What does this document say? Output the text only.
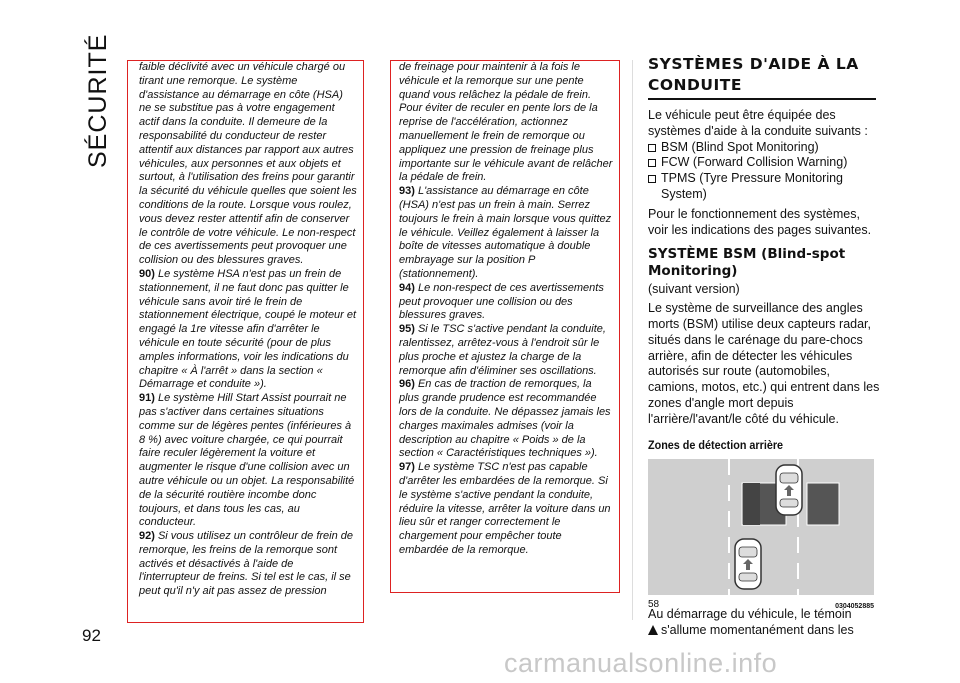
SÉCURITÉ
92

faible déclivité avec un véhicule chargé ou tirant une remorque. Le système d'assistance au démarrage en côte (HSA) ne se substitue pas à votre engagement actif dans la conduite. Il demeure de la responsabilité du conducteur de rester attentif aux distances par rapport aux autres véhicules, aux personnes et aux objets et surtout, à l'utilisation des freins pour garantir la sécurité du véhicule quelles que soient les conditions de la route. Lorsque vous roulez, vous devez rester attentif afin de conserver le contrôle de votre véhicule. Le non-respect de ces avertissements peut provoquer une collision ou des blessures graves.

90) Le système HSA n'est pas un frein de stationnement, il ne faut donc pas quitter le véhicule sans avoir tiré le frein de stationnement électrique, coupé le moteur et engagé la 1re vitesse afin d'arrêter le véhicule en toute sécurité (pour de plus amples informations, voir les indications du chapitre « À l'arrêt » dans la section « Démarrage et conduite »).

91) Le système Hill Start Assist pourrait ne pas s'activer dans certaines situations comme sur de légères pentes (inférieures à 8 %) avec voiture chargée, ce qui pourrait faire reculer légèrement la voiture et augmenter le risque d'une collision avec un autre véhicule ou un objet. La responsabilité de la sécurité routière incombe donc toujours, et dans tous les cas, au conducteur.

92) Si vous utilisez un contrôleur de frein de remorque, les freins de la remorque sont activés et désactivés à l'aide de l'interrupteur de freins. Si tel est le cas, il se peut qu'il n'y ait pas assez de pression

de freinage pour maintenir à la fois le véhicule et la remorque sur une pente quand vous relâchez la pédale de frein. Pour éviter de reculer en pente lors de la reprise de l'accélération, actionnez manuellement le frein de remorque ou appliquez une pression de freinage plus importante sur le véhicule avant de relâcher la pédale de frein.

93) L'assistance au démarrage en côte (HSA) n'est pas un frein à main. Serrez toujours le frein à main lorsque vous quittez le véhicule. Veillez également à laisser la boîte de vitesses automatique à double embrayage sur la position P (stationnement).

94) Le non-respect de ces avertissements peut provoquer une collision ou des blessures graves.

95) Si le TSC s'active pendant la conduite, ralentissez, arrêtez-vous à l'endroit sûr le plus proche et ajustez la charge de la remorque afin d'éliminer ses oscillations.

96) En cas de traction de remorques, la plus grande prudence est recommandée lors de la conduite. Ne dépassez jamais les charges maximales admises (voir la description au chapitre « Poids » de la section « Caractéristiques techniques »).

97) Le système TSC n'est pas capable d'arrêter les embardées de la remorque. Si le système s'active pendant la conduite, réduire la vitesse, arrêter la voiture dans un lieu sûr et ranger correctement le chargement pour empêcher toute embardée de la remorque.

SYSTÈMES D'AIDE À LA CONDUITE

Le véhicule peut être équipée des systèmes d'aide à la conduite suivants :

BSM (Blind Spot Monitoring)
FCW (Forward Collision Warning)
TPMS (Tyre Pressure Monitoring System)

Pour le fonctionnement des systèmes, voir les indications des pages suivantes.

SYSTÈME BSM (Blind-spot Monitoring)

(suivant version)

Le système de surveillance des angles morts (BSM) utilise deux capteurs radar, situés dans le carénage du pare-chocs arrière, afin de détecter les véhicules autorisés sur route (automobiles, camions, motos, etc.) qui entrent dans les zones d'angle mort depuis l'arrière/l'avant/le côté du véhicule.

Zones de détection arrière
58	0304052885

Au démarrage du véhicule, le témoin

s'allume momentanément dans les

carmanualsonline.info
